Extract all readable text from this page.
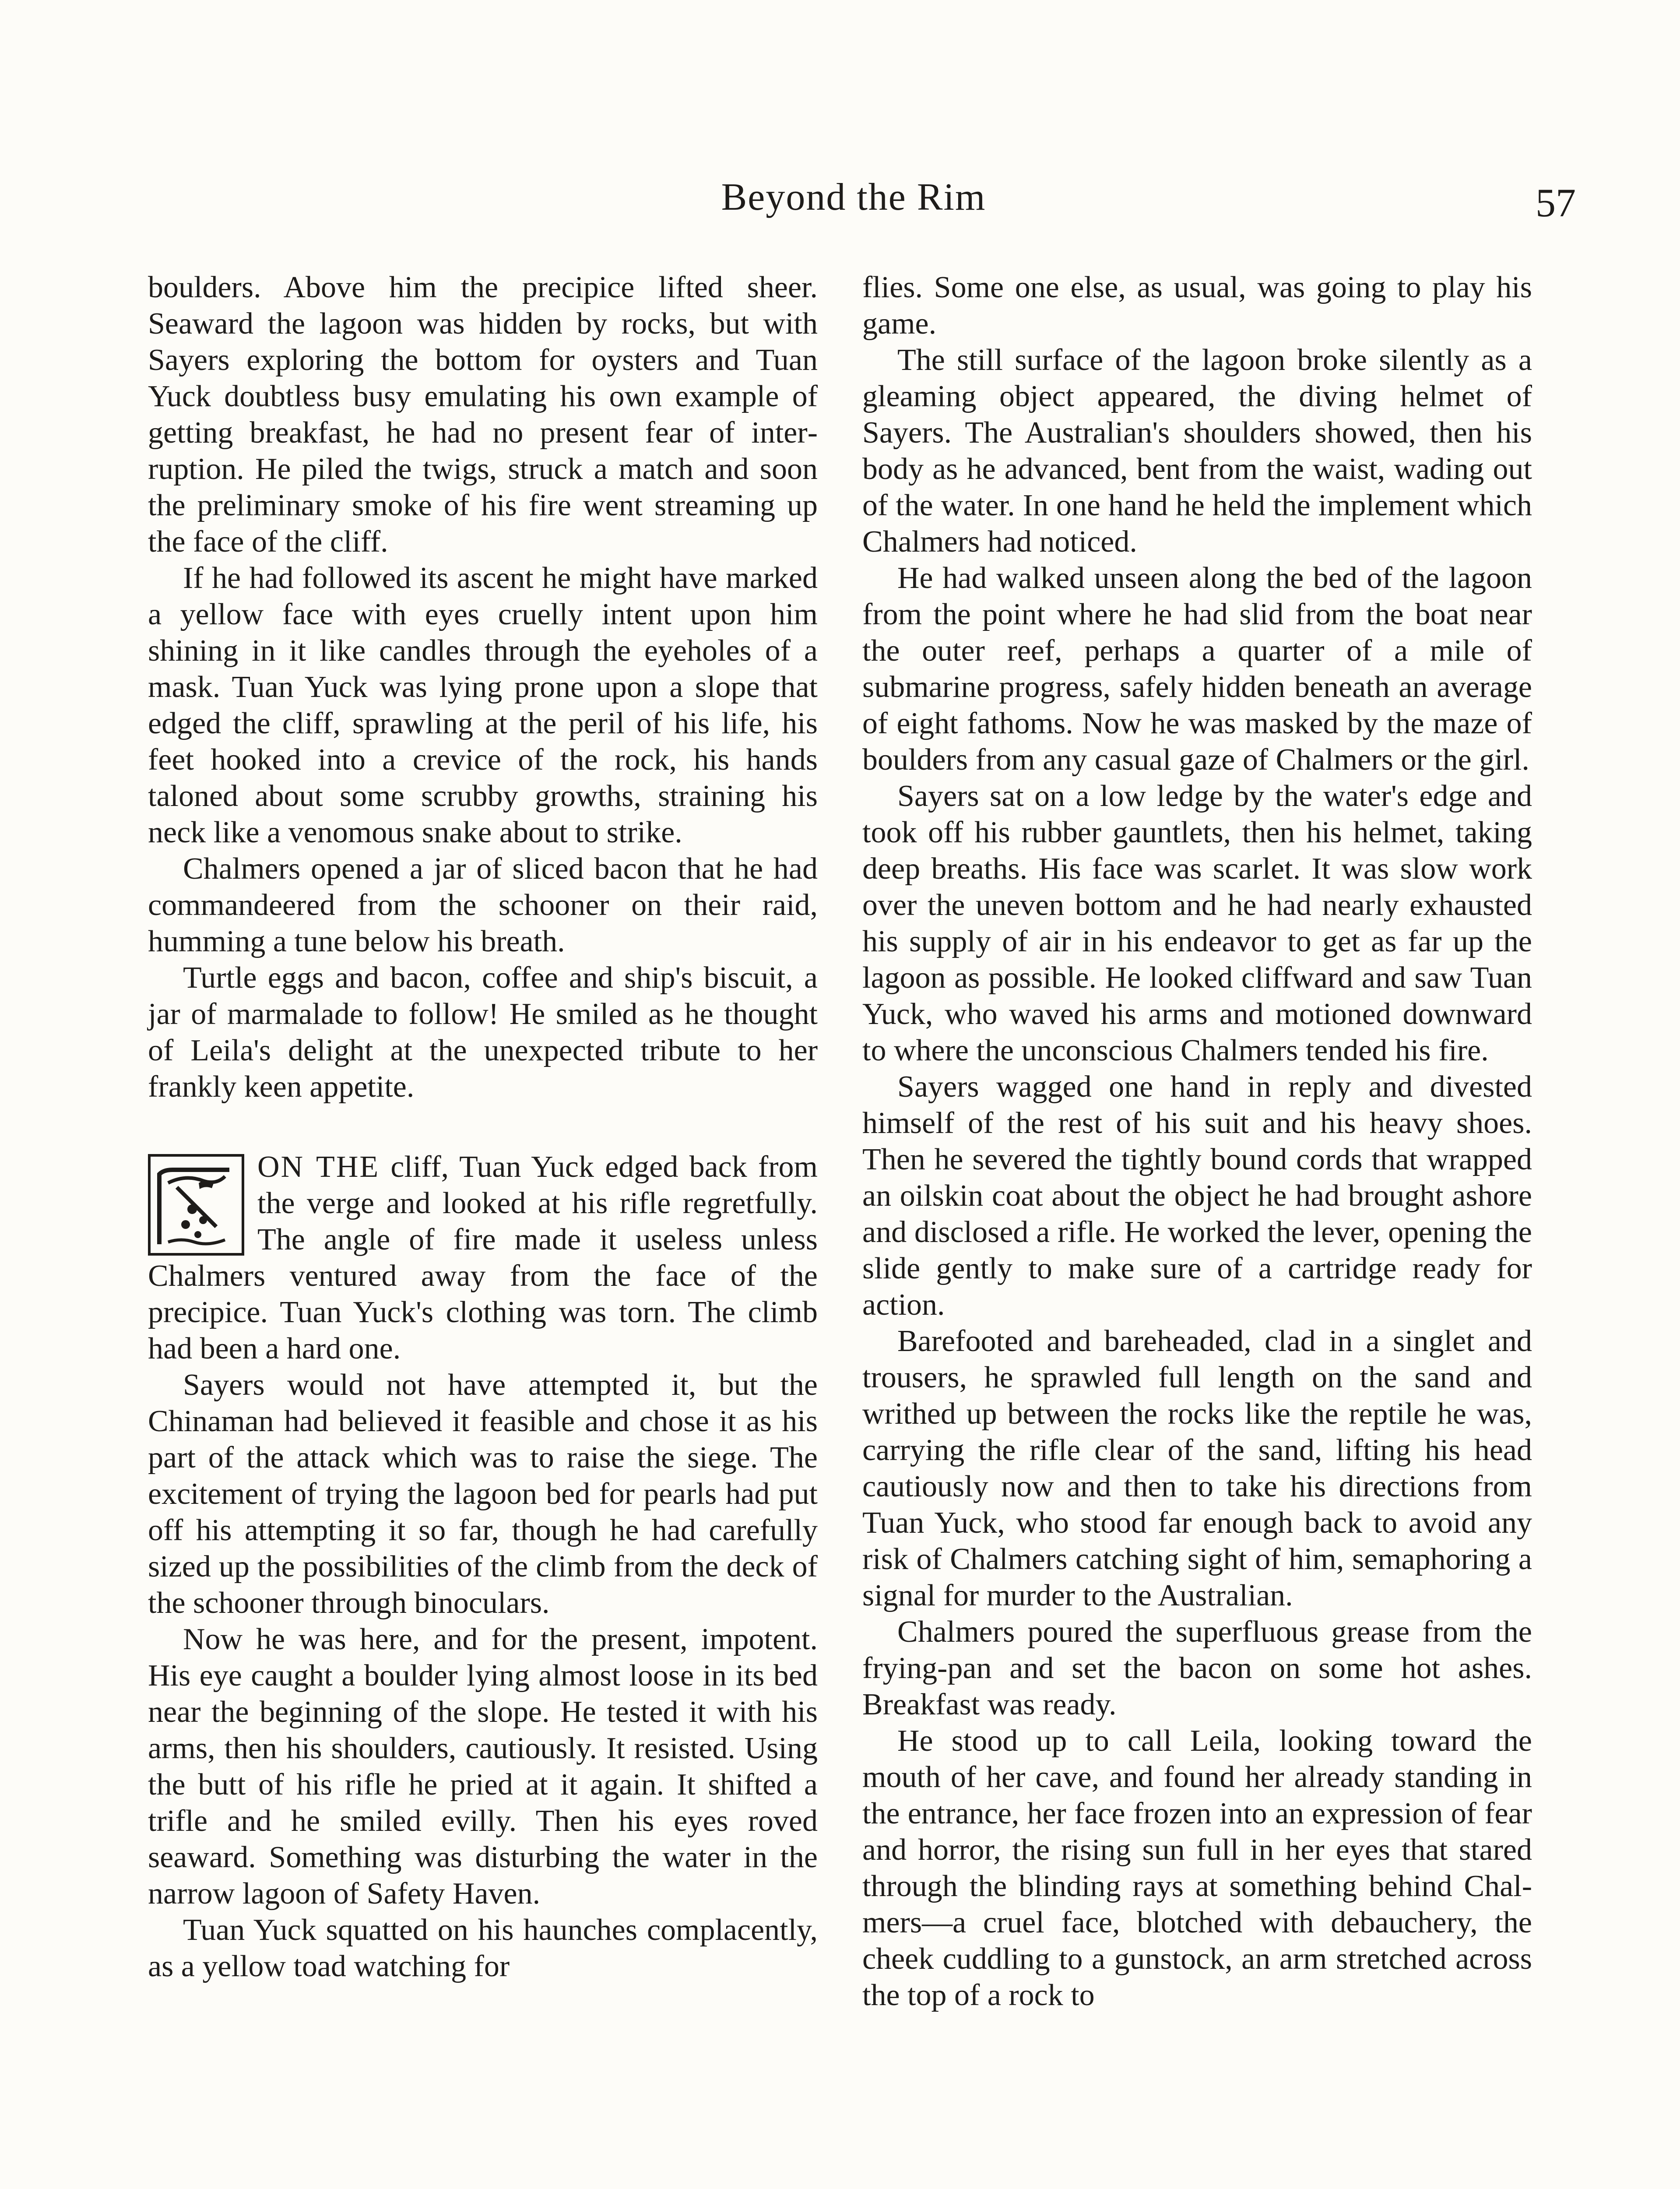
Beyond the Rim	57

boulders. Above him the precipice lifted sheer. Seaward the lagoon was hidden by rocks, but with Sayers exploring the bottom for oysters and Tuan Yuck doubtless busy emulating his own example of getting breakfast, he had no present fear of interruption. He piled the twigs, struck a match and soon the preliminary smoke of his fire went streaming up the face of the cliff.

If he had followed its ascent he might have marked a yellow face with eyes cruelly intent upon him shining in it like candles through the eyeholes of a mask. Tuan Yuck was lying prone upon a slope that edged the cliff, sprawling at the peril of his life, his feet hooked into a crevice of the rock, his hands taloned about some scrubby growths, straining his neck like a venomous snake about to strike.

Chalmers opened a jar of sliced bacon that he had commandeered from the schooner on their raid, humming a tune below his breath.

Turtle eggs and bacon, coffee and ship's biscuit, a jar of marmalade to follow! He smiled as he thought of Leila's delight at the unexpected tribute to her frankly keen appetite.

ON THE cliff, Tuan Yuck edged back from the verge and looked at his rifle regretfully. The angle of fire made it useless unless Chalmers ventured away from the face of the precipice. Tuan Yuck's clothing was torn. The climb had been a hard one.

Sayers would not have attempted it, but the Chinaman had believed it feasible and chose it as his part of the attack which was to raise the siege. The excitement of trying the lagoon bed for pearls had put off his attempting it so far, though he had carefully sized up the possibilities of the climb from the deck of the schooner through binoculars.

Now he was here, and for the present, impotent. His eye caught a boulder lying almost loose in its bed near the beginning of the slope. He tested it with his arms, then his shoulders, cautiously. It resisted. Using the butt of his rifle he pried at it again. It shifted a trifle and he smiled evilly. Then his eyes roved seaward. Something was disturbing the water in the narrow lagoon of Safety Haven.

Tuan Yuck squatted on his haunches complacently, as a yellow toad watching for

flies. Some one else, as usual, was going to play his game.

The still surface of the lagoon broke silently as a gleaming object appeared, the diving helmet of Sayers. The Australian's shoulders showed, then his body as he advanced, bent from the waist, wading out of the water. In one hand he held the implement which Chalmers had noticed.

He had walked unseen along the bed of the lagoon from the point where he had slid from the boat near the outer reef, perhaps a quarter of a mile of submarine progress, safely hidden beneath an average of eight fathoms. Now he was masked by the maze of boulders from any casual gaze of Chalmers or the girl.

Sayers sat on a low ledge by the water's edge and took off his rubber gauntlets, then his helmet, taking deep breaths. His face was scarlet. It was slow work over the uneven bottom and he had nearly exhausted his supply of air in his endeavor to get as far up the lagoon as possible. He looked cliffward and saw Tuan Yuck, who waved his arms and motioned downward to where the unconscious Chalmers tended his fire.

Sayers wagged one hand in reply and divested himself of the rest of his suit and his heavy shoes. Then he severed the tightly bound cords that wrapped an oilskin coat about the object he had brought ashore and disclosed a rifle. He worked the lever, opening the slide gently to make sure of a cartridge ready for action.

Barefooted and bareheaded, clad in a singlet and trousers, he sprawled full length on the sand and writhed up between the rocks like the reptile he was, carrying the rifle clear of the sand, lifting his head cautiously now and then to take his directions from Tuan Yuck, who stood far enough back to avoid any risk of Chalmers catching sight of him, semaphoring a signal for murder to the Australian.

Chalmers poured the superfluous grease from the frying-pan and set the bacon on some hot ashes. Breakfast was ready.

He stood up to call Leila, looking toward the mouth of her cave, and found her already standing in the entrance, her face frozen into an expression of fear and horror, the rising sun full in her eyes that stared through the blinding rays at something behind Chalmers—a cruel face, blotched with debauchery, the cheek cuddling to a gunstock, an arm stretched across the top of a rock to
